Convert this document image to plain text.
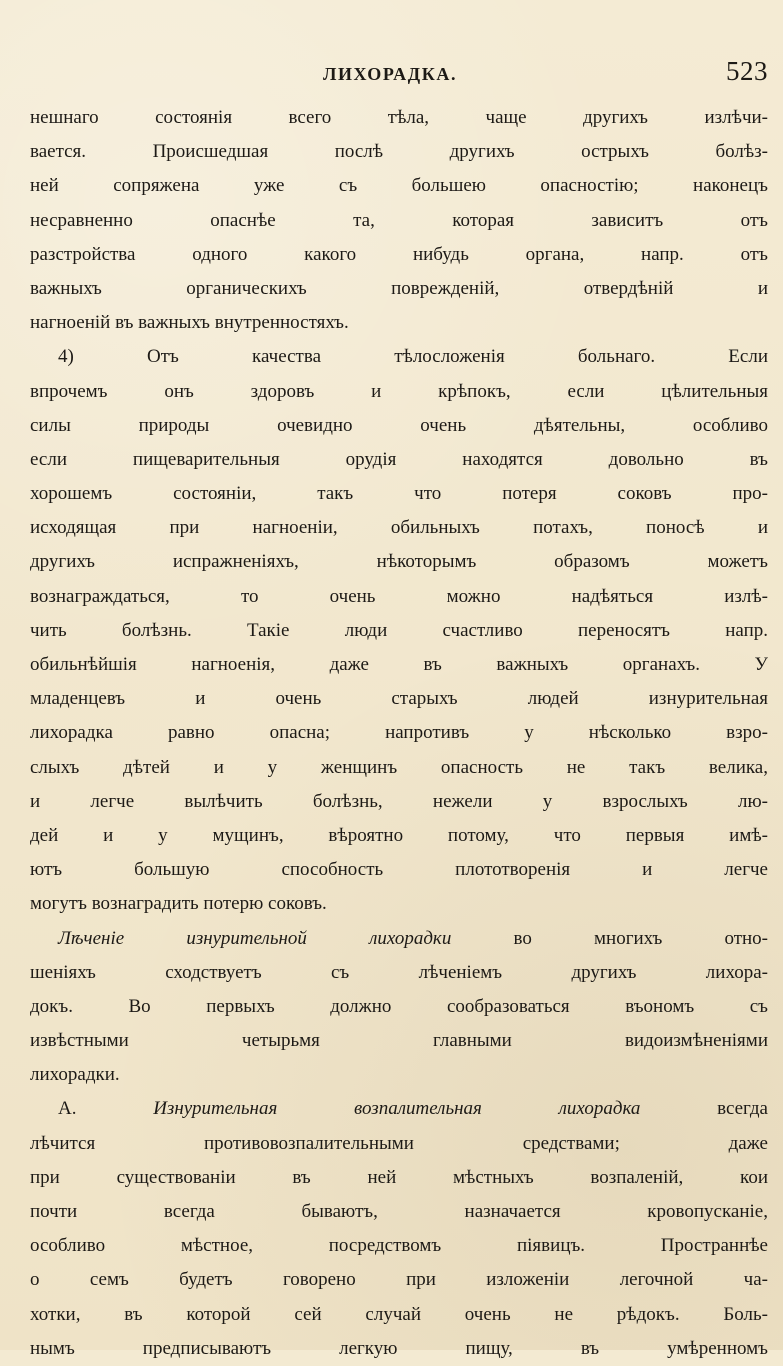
ЛИХОРАДКА.	523
нешнаго состоянія всего тѣла, чаще другихъ излѣчи-
вается. Происшедшая послѣ другихъ острыхъ болѣз-
ней сопряжена уже съ большею опасностію; наконецъ
несравненно опаснѣе та, которая зависитъ отъ
разстройства одного какого нибудь органа, напр. отъ
важныхъ органическихъ поврежденій, отвердѣній и
нагноеній въ важныхъ внутренностяхъ.
4) Отъ качества тѣлосложенія больнаго. Если
впрочемъ онъ здоровъ и крѣпокъ, если цѣлительныя
силы природы очевидно очень дѣятельны, особливо
если пищеварительныя орудія находятся довольно въ
хорошемъ состояніи, такъ что потеря соковъ про-
исходящая при нагноеніи, обильныхъ потахъ, поносѣ и
другихъ испражненіяхъ, нѣкоторымъ образомъ можетъ
вознаграждаться, то очень можно надѣяться излѣ-
чить болѣзнь. Такіе люди счастливо переносятъ напр.
обильнѣйшія нагноенія, даже въ важныхъ органахъ. У
младенцевъ и очень старыхъ людей изнурительная
лихорадка равно опасна; напротивъ у нѣсколько взро-
слыхъ дѣтей и у женщинъ опасность не такъ велика,
и легче вылѣчить болѣзнь, нежели у взрослыхъ лю-
дей и у мущинъ, вѣроятно потому, что первыя имѣ-
ютъ большую способность плототворенія и легче
могутъ вознаградить потерю соковъ.
Лѣченіе изнурительной лихорадки во многихъ отно-
шеніяхъ сходствуетъ съ лѣченіемъ другихъ лихора-
докъ. Во первыхъ должно сообразоваться въономъ съ
извѣстными четырьмя главными видоизмѣненіями
лихорадки.
А. Изнурительная возпалительная лихорадка всегда
лѣчится противовозпалительными средствами; даже
при существованіи въ ней мѣстныхъ возпаленій, кои
почти всегда бываютъ, назначается кровопусканіе,
особливо мѣстное, посредствомъ піявицъ. Пространнѣе
о семъ будетъ говорено при изложеніи легочной ча-
хотки, въ которой сей случай очень не рѣдокъ. Боль-
нымъ предписываютъ легкую пищу, въ умѣренномъ
